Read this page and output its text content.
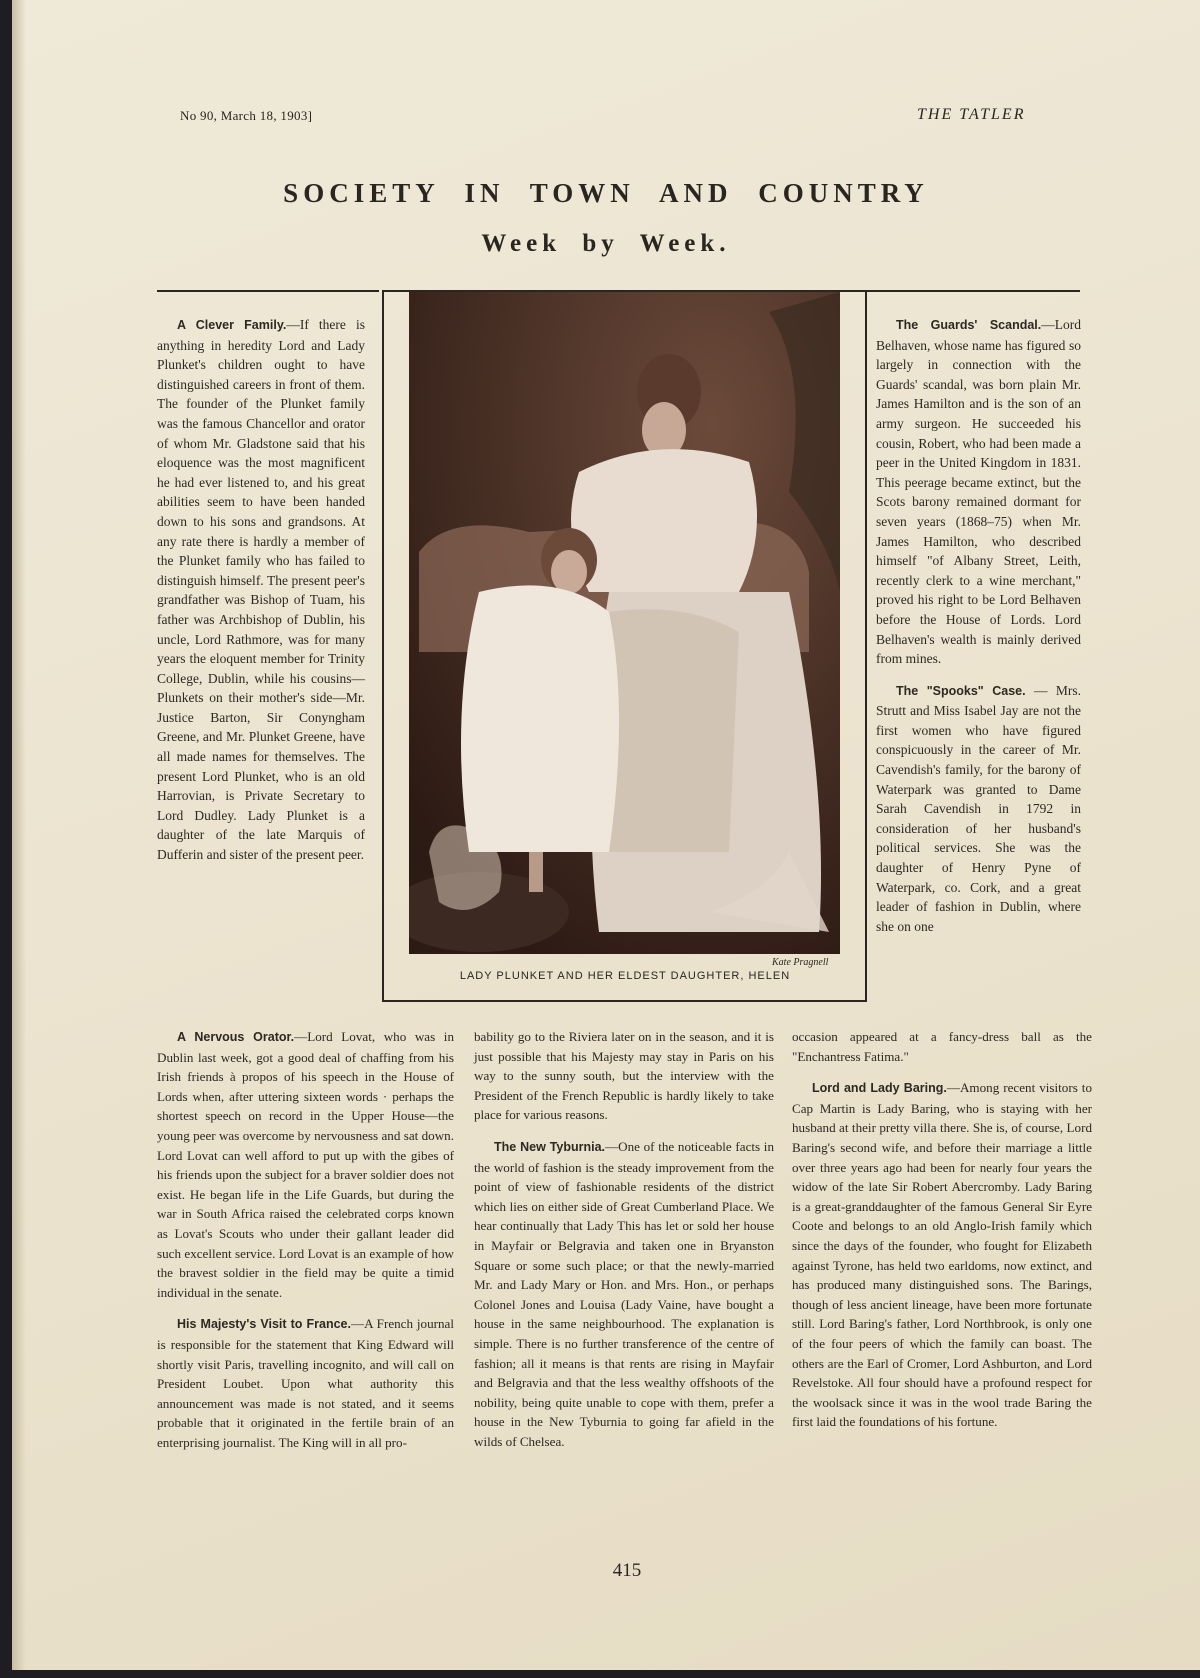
No 90, March 18, 1903]	THE TATLER
SOCIETY IN TOWN AND COUNTRY
Week by Week.

A Clever Family.—If there is anything in heredity Lord and Lady Plunket's children ought to have distinguished careers in front of them. The founder of the Plunket family was the famous Chancellor and orator of whom Mr. Gladstone said that his eloquence was the most magnificent he had ever listened to, and his great abilities seem to have been handed down to his sons and grandsons. At any rate there is hardly a member of the Plunket family who has failed to distinguish himself. The present peer's grandfather was Bishop of Tuam, his father was Archbishop of Dublin, his uncle, Lord Rathmore, was for many years the eloquent member for Trinity College, Dublin, while his cousins—Plunkets on their mother's side—Mr. Justice Barton, Sir Conyngham Greene, and Mr. Plunket Greene, have all made names for themselves. The present Lord Plunket, who is an old Harrovian, is Private Secretary to Lord Dudley. Lady Plunket is a daughter of the late Marquis of Dufferin and sister of the present peer.

Kate Pragnell
LADY PLUNKET AND HER ELDEST DAUGHTER, HELEN

The Guards' Scandal.—Lord Belhaven, whose name has figured so largely in connection with the Guards' scandal, was born plain Mr. James Hamilton and is the son of an army surgeon. He succeeded his cousin, Robert, who had been made a peer in the United Kingdom in 1831. This peerage became extinct, but the Scots barony remained dormant for seven years (1868–75) when Mr. James Hamilton, who described himself "of Albany Street, Leith, recently clerk to a wine merchant," proved his right to be Lord Belhaven before the House of Lords. Lord Belhaven's wealth is mainly derived from mines.

The "Spooks" Case. — Mrs. Strutt and Miss Isabel Jay are not the first women who have figured conspicuously in the career of Mr. Cavendish's family, for the barony of Waterpark was granted to Dame Sarah Cavendish in 1792 in consideration of her husband's political services. She was the daughter of Henry Pyne of Waterpark, co. Cork, and a great leader of fashion in Dublin, where she on one

A Nervous Orator.—Lord Lovat, who was in Dublin last week, got a good deal of chaffing from his Irish friends à propos of his speech in the House of Lords when, after uttering sixteen words · perhaps the shortest speech on record in the Upper House—the young peer was overcome by nervousness and sat down. Lord Lovat can well afford to put up with the gibes of his friends upon the subject for a braver soldier does not exist. He began life in the Life Guards, but during the war in South Africa raised the celebrated corps known as Lovat's Scouts who under their gallant leader did such excellent service. Lord Lovat is an example of how the bravest soldier in the field may be quite a timid individual in the senate.

His Majesty's Visit to France.—A French journal is responsible for the statement that King Edward will shortly visit Paris, travelling incognito, and will call on President Loubet. Upon what authority this announcement was made is not stated, and it seems probable that it originated in the fertile brain of an enterprising journalist. The King will in all pro-

bability go to the Riviera later on in the season, and it is just possible that his Majesty may stay in Paris on his way to the sunny south, but the interview with the President of the French Republic is hardly likely to take place for various reasons.

The New Tyburnia.—One of the noticeable facts in the world of fashion is the steady improvement from the point of view of fashionable residents of the district which lies on either side of Great Cumberland Place. We hear continually that Lady This has let or sold her house in Mayfair or Belgravia and taken one in Bryanston Square or some such place; or that the newly-married Mr. and Lady Mary or Hon. and Mrs. Hon., or perhaps Colonel Jones and Louisa (Lady Vaine, have bought a house in the same neighbourhood. The explanation is simple. There is no further transference of the centre of fashion; all it means is that rents are rising in Mayfair and Belgravia and that the less wealthy offshoots of the nobility, being quite unable to cope with them, prefer a house in the New Tyburnia to going far afield in the wilds of Chelsea.

occasion appeared at a fancy-dress ball as the "Enchantress Fatima."

Lord and Lady Baring.—Among recent visitors to Cap Martin is Lady Baring, who is staying with her husband at their pretty villa there. She is, of course, Lord Baring's second wife, and before their marriage a little over three years ago had been for nearly four years the widow of the late Sir Robert Abercromby. Lady Baring is a great-granddaughter of the famous General Sir Eyre Coote and belongs to an old Anglo-Irish family which since the days of the founder, who fought for Elizabeth against Tyrone, has held two earldoms, now extinct, and has produced many distinguished sons. The Barings, though of less ancient lineage, have been more fortunate still. Lord Baring's father, Lord Northbrook, is only one of the four peers of which the family can boast. The others are the Earl of Cromer, Lord Ashburton, and Lord Revelstoke. All four should have a profound respect for the woolsack since it was in the wool trade Baring the first laid the foundations of his fortune.

415
